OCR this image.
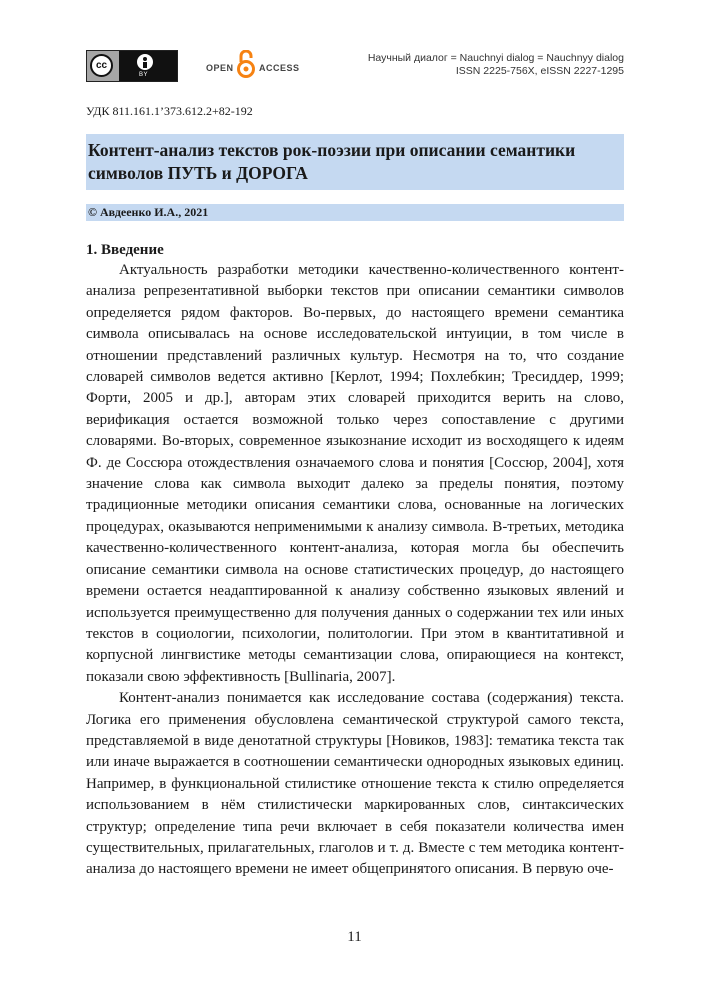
cc
BY
OPEN	ACCESS
Научный диалог = Nauchnyi dialog = Nauchnyy dialog
ISSN 2225-756X, eISSN 2227-1295
УДК 811.161.1’373.612.2+82-192
Контент-анализ текстов рок-поэзии при описании семантики символов ПУТЬ и ДОРОГА
© Авдеенко И.А., 2021
1. Введение

Актуальность разработки методики качественно-количественного контент-анализа репрезентативной выборки текстов при описании семантики символов определяется рядом факторов. Во-первых, до настоящего времени семантика символа описывалась на основе исследовательской интуиции, в том числе в отношении представлений различных культур. Несмотря на то, что создание словарей символов ведется активно [Керлот, 1994; Похлебкин; Тресиддер, 1999; Форти, 2005 и др.], авторам этих словарей приходится верить на слово, верификация остается возможной только через сопоставление с другими словарями. Во-вторых, современное языкознание исходит из восходящего к идеям Ф. де Соссюра отождествления означаемого слова и понятия [Соссюр, 2004], хотя значение слова как символа выходит далеко за пределы понятия, поэтому традиционные методики описания семантики слова, основанные на логических процедурах, оказываются неприменимыми к анализу символа. В-третьих, методика качественно-количественного контент-анализа, которая могла бы обеспечить описание семантики символа на основе статистических процедур, до настоящего времени остается неадаптированной к анализу собственно языковых явлений и используется преимущественно для получения данных о содержании тех или иных текстов в социологии, психологии, политологии. При этом в квантитативной и корпусной лингвистике методы семантизации слова, опирающиеся на контекст, показали свою эффективность [Bullinaria, 2007].

Контент-анализ понимается как исследование состава (содержания) текста. Логика его применения обусловлена семантической структурой самого текста, представляемой в виде денотатной структуры [Новиков, 1983]: тематика текста так или иначе выражается в соотношении семантически однородных языковых единиц. Например, в функциональной стилистике отношение текста к стилю определяется использованием в нём стилистически маркированных слов, синтаксических структур; определение типа речи включает в себя показатели количества имен существительных, прилагательных, глаголов и т. д. Вместе с тем методика контент-анализа до настоящего времени не имеет общепринятого описания. В первую оче-

11
